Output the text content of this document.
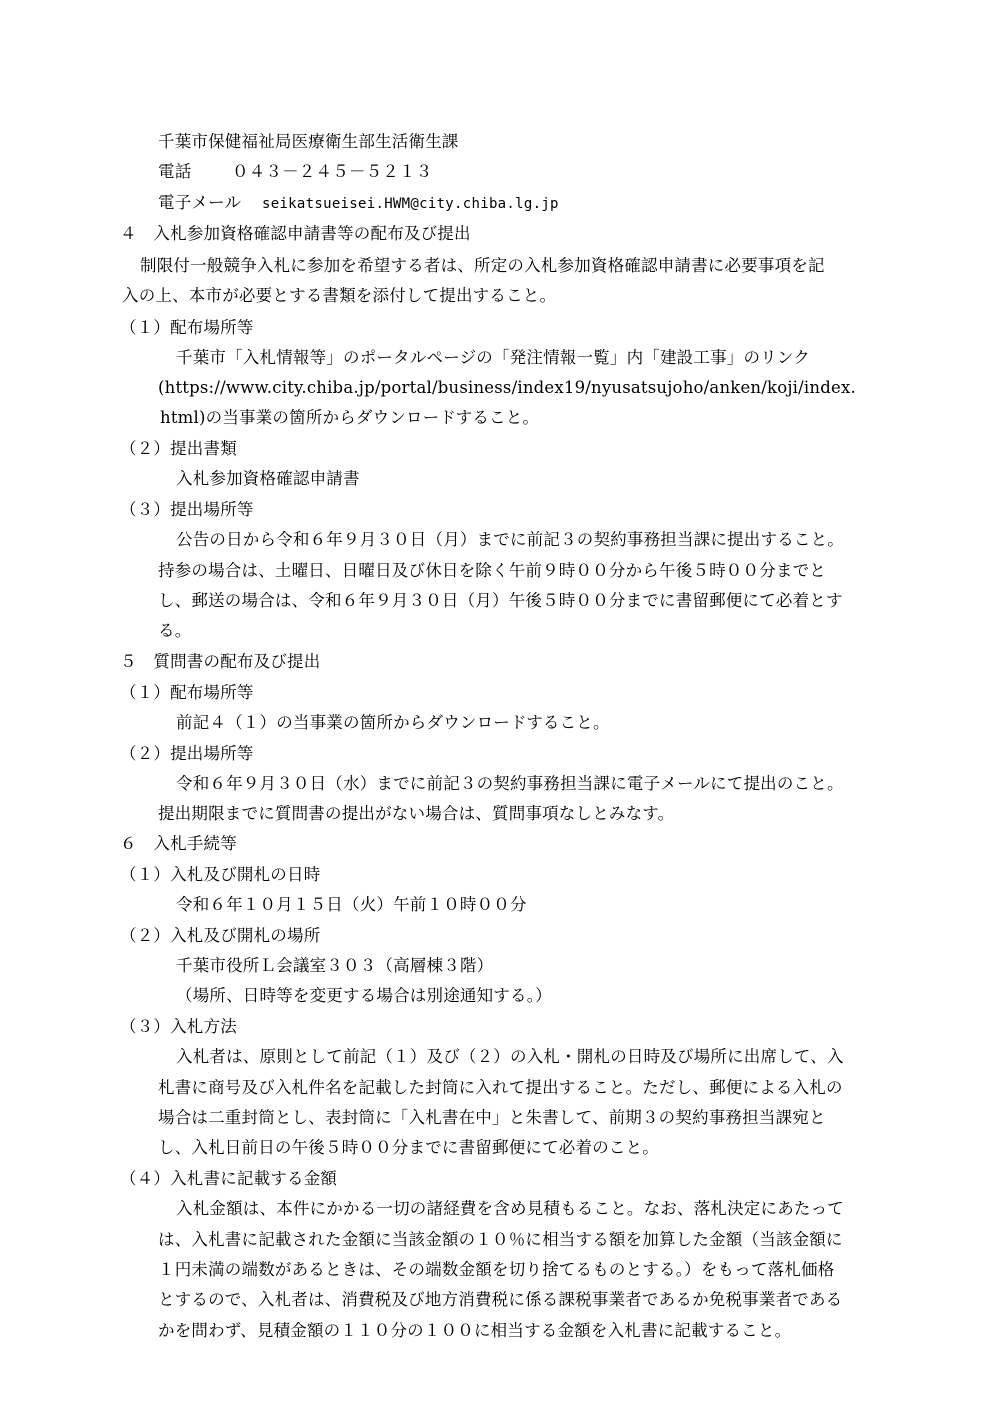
千葉市保健福祉局医療衛生部生活衛生課
電話 ０４３－２４５－５２１３
電子メール seikatsueisei.HWM@city.chiba.lg.jp
４　入札参加資格確認申請書等の配布及び提出
制限付一般競争入札に参加を希望する者は、所定の入札参加資格確認申請書に必要事項を記
入の上、本市が必要とする書類を添付して提出すること。
（１）配布場所等
千葉市「入札情報等」のポータルページの「発注情報一覧」内「建設工事」のリンク
(https://www.city.chiba.jp/portal/business/index19/nyusatsujoho/anken/koji/index.
html)の当事業の箇所からダウンロードすること。
（２）提出書類
入札参加資格確認申請書
（３）提出場所等
公告の日から令和６年９月３０日（月）までに前記３の契約事務担当課に提出すること。
持参の場合は、土曜日、日曜日及び休日を除く午前９時００分から午後５時００分までと
し、郵送の場合は、令和６年９月３０日（月）午後５時００分までに書留郵便にて必着とす
る。
５　質問書の配布及び提出
（１）配布場所等
前記４（１）の当事業の箇所からダウンロードすること。
（２）提出場所等
令和６年９月３０日（水）までに前記３の契約事務担当課に電子メールにて提出のこと。
提出期限までに質問書の提出がない場合は、質問事項なしとみなす。
６　入札手続等
（１）入札及び開札の日時
令和６年１０月１５日（火）午前１０時００分
（２）入札及び開札の場所
千葉市役所Ｌ会議室３０３（高層棟３階）
（場所、日時等を変更する場合は別途通知する。）
（３）入札方法
入札者は、原則として前記（１）及び（２）の入札・開札の日時及び場所に出席して、入
札書に商号及び入札件名を記載した封筒に入れて提出すること。ただし、郵便による入札の
場合は二重封筒とし、表封筒に「入札書在中」と朱書して、前期３の契約事務担当課宛と
し、入札日前日の午後５時００分までに書留郵便にて必着のこと。
（４）入札書に記載する金額
入札金額は、本件にかかる一切の諸経費を含め見積もること。なお、落札決定にあたって
は、入札書に記載された金額に当該金額の１０％に相当する額を加算した金額（当該金額に
１円未満の端数があるときは、その端数金額を切り捨てるものとする。）をもって落札価格
とするので、入札者は、消費税及び地方消費税に係る課税事業者であるか免税事業者である
かを問わず、見積金額の１１０分の１００に相当する金額を入札書に記載すること。
